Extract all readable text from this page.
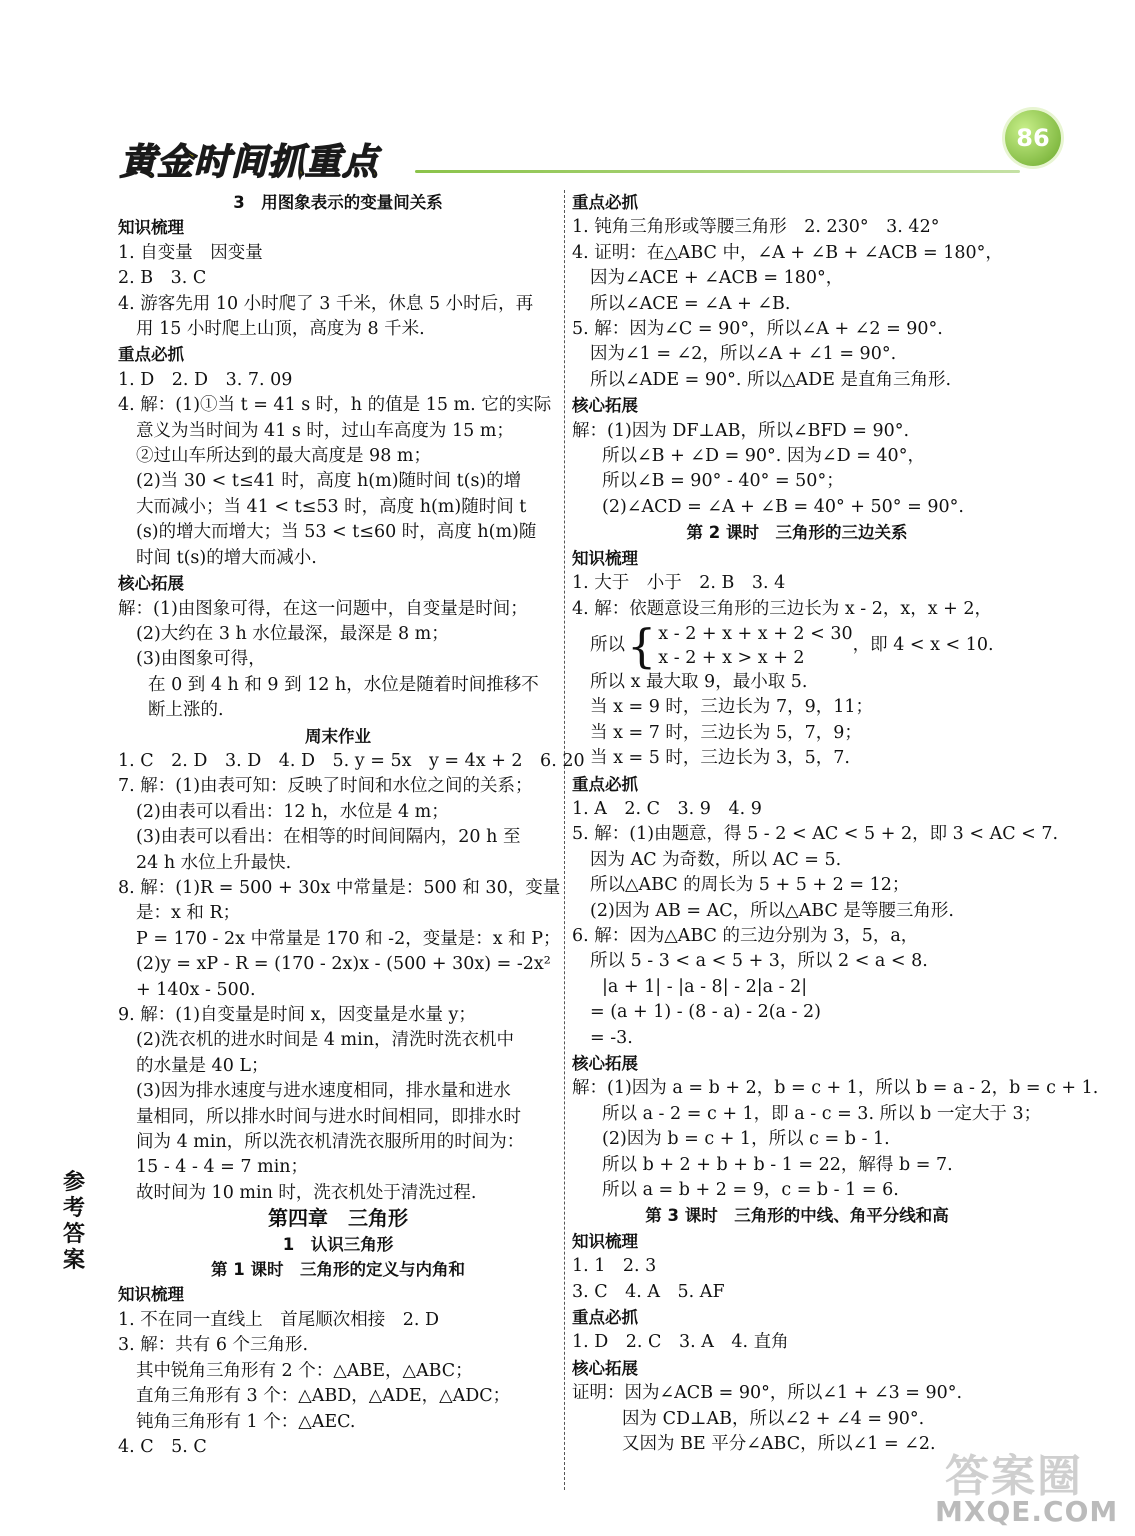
黄金时间抓重点
86
3　用图象表示的变量间关系
知识梳理
1. 自变量　因变量
2. B　3. C
4. 游客先用 10 小时爬了 3 千米，休息 5 小时后，再
用 15 小时爬上山顶，高度为 8 千米.
重点必抓
1. D　2. D　3. 7. 09
4. 解：(1)①当 t = 41 s 时，h 的值是 15 m. 它的实际
意义为当时间为 41 s 时，过山车高度为 15 m；
②过山车所达到的最大高度是 98 m；
(2)当 30 < t≤41 时，高度 h(m)随时间 t(s)的增
大而减小；当 41 < t≤53 时，高度 h(m)随时间 t
(s)的增大而增大；当 53 < t≤60 时，高度 h(m)随
时间 t(s)的增大而减小.
核心拓展
解：(1)由图象可得，在这一问题中，自变量是时间；
(2)大约在 3 h 水位最深，最深是 8 m；
(3)由图象可得，
在 0 到 4 h 和 9 到 12 h，水位是随着时间推移不
断上涨的.
周末作业
1. C　2. D　3. D　4. D　5. y = 5x　y = 4x + 2　6. 20
7. 解：(1)由表可知：反映了时间和水位之间的关系；
(2)由表可以看出：12 h，水位是 4 m；
(3)由表可以看出：在相等的时间间隔内，20 h 至
24 h 水位上升最快.
8. 解：(1)R = 500 + 30x 中常量是：500 和 30，变量
是：x 和 R；
P = 170 - 2x 中常量是 170 和 -2，变量是：x 和 P；
(2)y = xP - R = (170 - 2x)x - (500 + 30x) = -2x²
+ 140x - 500.
9. 解：(1)自变量是时间 x，因变量是水量 y；
(2)洗衣机的进水时间是 4 min，清洗时洗衣机中
的水量是 40 L；
(3)因为排水速度与进水速度相同，排水量和进水
量相同，所以排水时间与进水时间相同，即排水时
间为 4 min，所以洗衣机清洗衣服所用的时间为：
15 - 4 - 4 = 7 min；
故时间为 10 min 时，洗衣机处于清洗过程.
第四章　三角形
1　认识三角形
第 1 课时　三角形的定义与内角和
知识梳理
1. 不在同一直线上　首尾顺次相接　2. D
3. 解：共有 6 个三角形.
其中锐角三角形有 2 个：△ABE，△ABC；
直角三角形有 3 个：△ABD，△ADE，△ADC；
钝角三角形有 1 个：△AEC.
4. C　5. C
重点必抓
1. 钝角三角形或等腰三角形　2. 230°　3. 42°
4. 证明：在△ABC 中，∠A + ∠B + ∠ACB = 180°，
因为∠ACE + ∠ACB = 180°，
所以∠ACE = ∠A + ∠B.
5. 解：因为∠C = 90°，所以∠A + ∠2 = 90°.
因为∠1 = ∠2，所以∠A + ∠1 = 90°.
所以∠ADE = 90°. 所以△ADE 是直角三角形.
核心拓展
解：(1)因为 DF⊥AB，所以∠BFD = 90°.
所以∠B + ∠D = 90°. 因为∠D = 40°，
所以∠B = 90° - 40° = 50°；
(2)∠ACD = ∠A + ∠B = 40° + 50° = 90°.
第 2 课时　三角形的三边关系
知识梳理
1. 大于　小于　2. B　3. 4
4. 解：依题意设三角形的三边长为 x - 2，x，x + 2，
所以 { x - 2 + x + x + 2 < 30
x - 2 + x > x + 2
，即 4 < x < 10.
所以 x 最大取 9，最小取 5.
当 x = 9 时，三边长为 7，9，11；
当 x = 7 时，三边长为 5，7，9；
当 x = 5 时，三边长为 3，5，7.
重点必抓
1. A　2. C　3. 9　4. 9
5. 解：(1)由题意，得 5 - 2 < AC < 5 + 2，即 3 < AC < 7.
因为 AC 为奇数，所以 AC = 5.
所以△ABC 的周长为 5 + 5 + 2 = 12；
(2)因为 AB = AC，所以△ABC 是等腰三角形.
6. 解：因为△ABC 的三边分别为 3，5，a，
所以 5 - 3 < a < 5 + 3，所以 2 < a < 8.
|a + 1| - |a - 8| - 2|a - 2|
= (a + 1) - (8 - a) - 2(a - 2)
= -3.
核心拓展
解：(1)因为 a = b + 2，b = c + 1，所以 b = a - 2，b = c + 1.
所以 a - 2 = c + 1，即 a - c = 3. 所以 b 一定大于 3；
(2)因为 b = c + 1，所以 c = b - 1.
所以 b + 2 + b + b - 1 = 22，解得 b = 7.
所以 a = b + 2 = 9，c = b - 1 = 6.
第 3 课时　三角形的中线、角平分线和高
知识梳理
1. 1　2. 3
3. C　4. A　5. AF
重点必抓
1. D　2. C　3. A　4. 直角
核心拓展
证明：因为∠ACB = 90°，所以∠1 + ∠3 = 90°.
因为 CD⊥AB，所以∠2 + ∠4 = 90°.
又因为 BE 平分∠ABC，所以∠1 = ∠2.
参
考
答
案
答案圈
MXQE.COM
